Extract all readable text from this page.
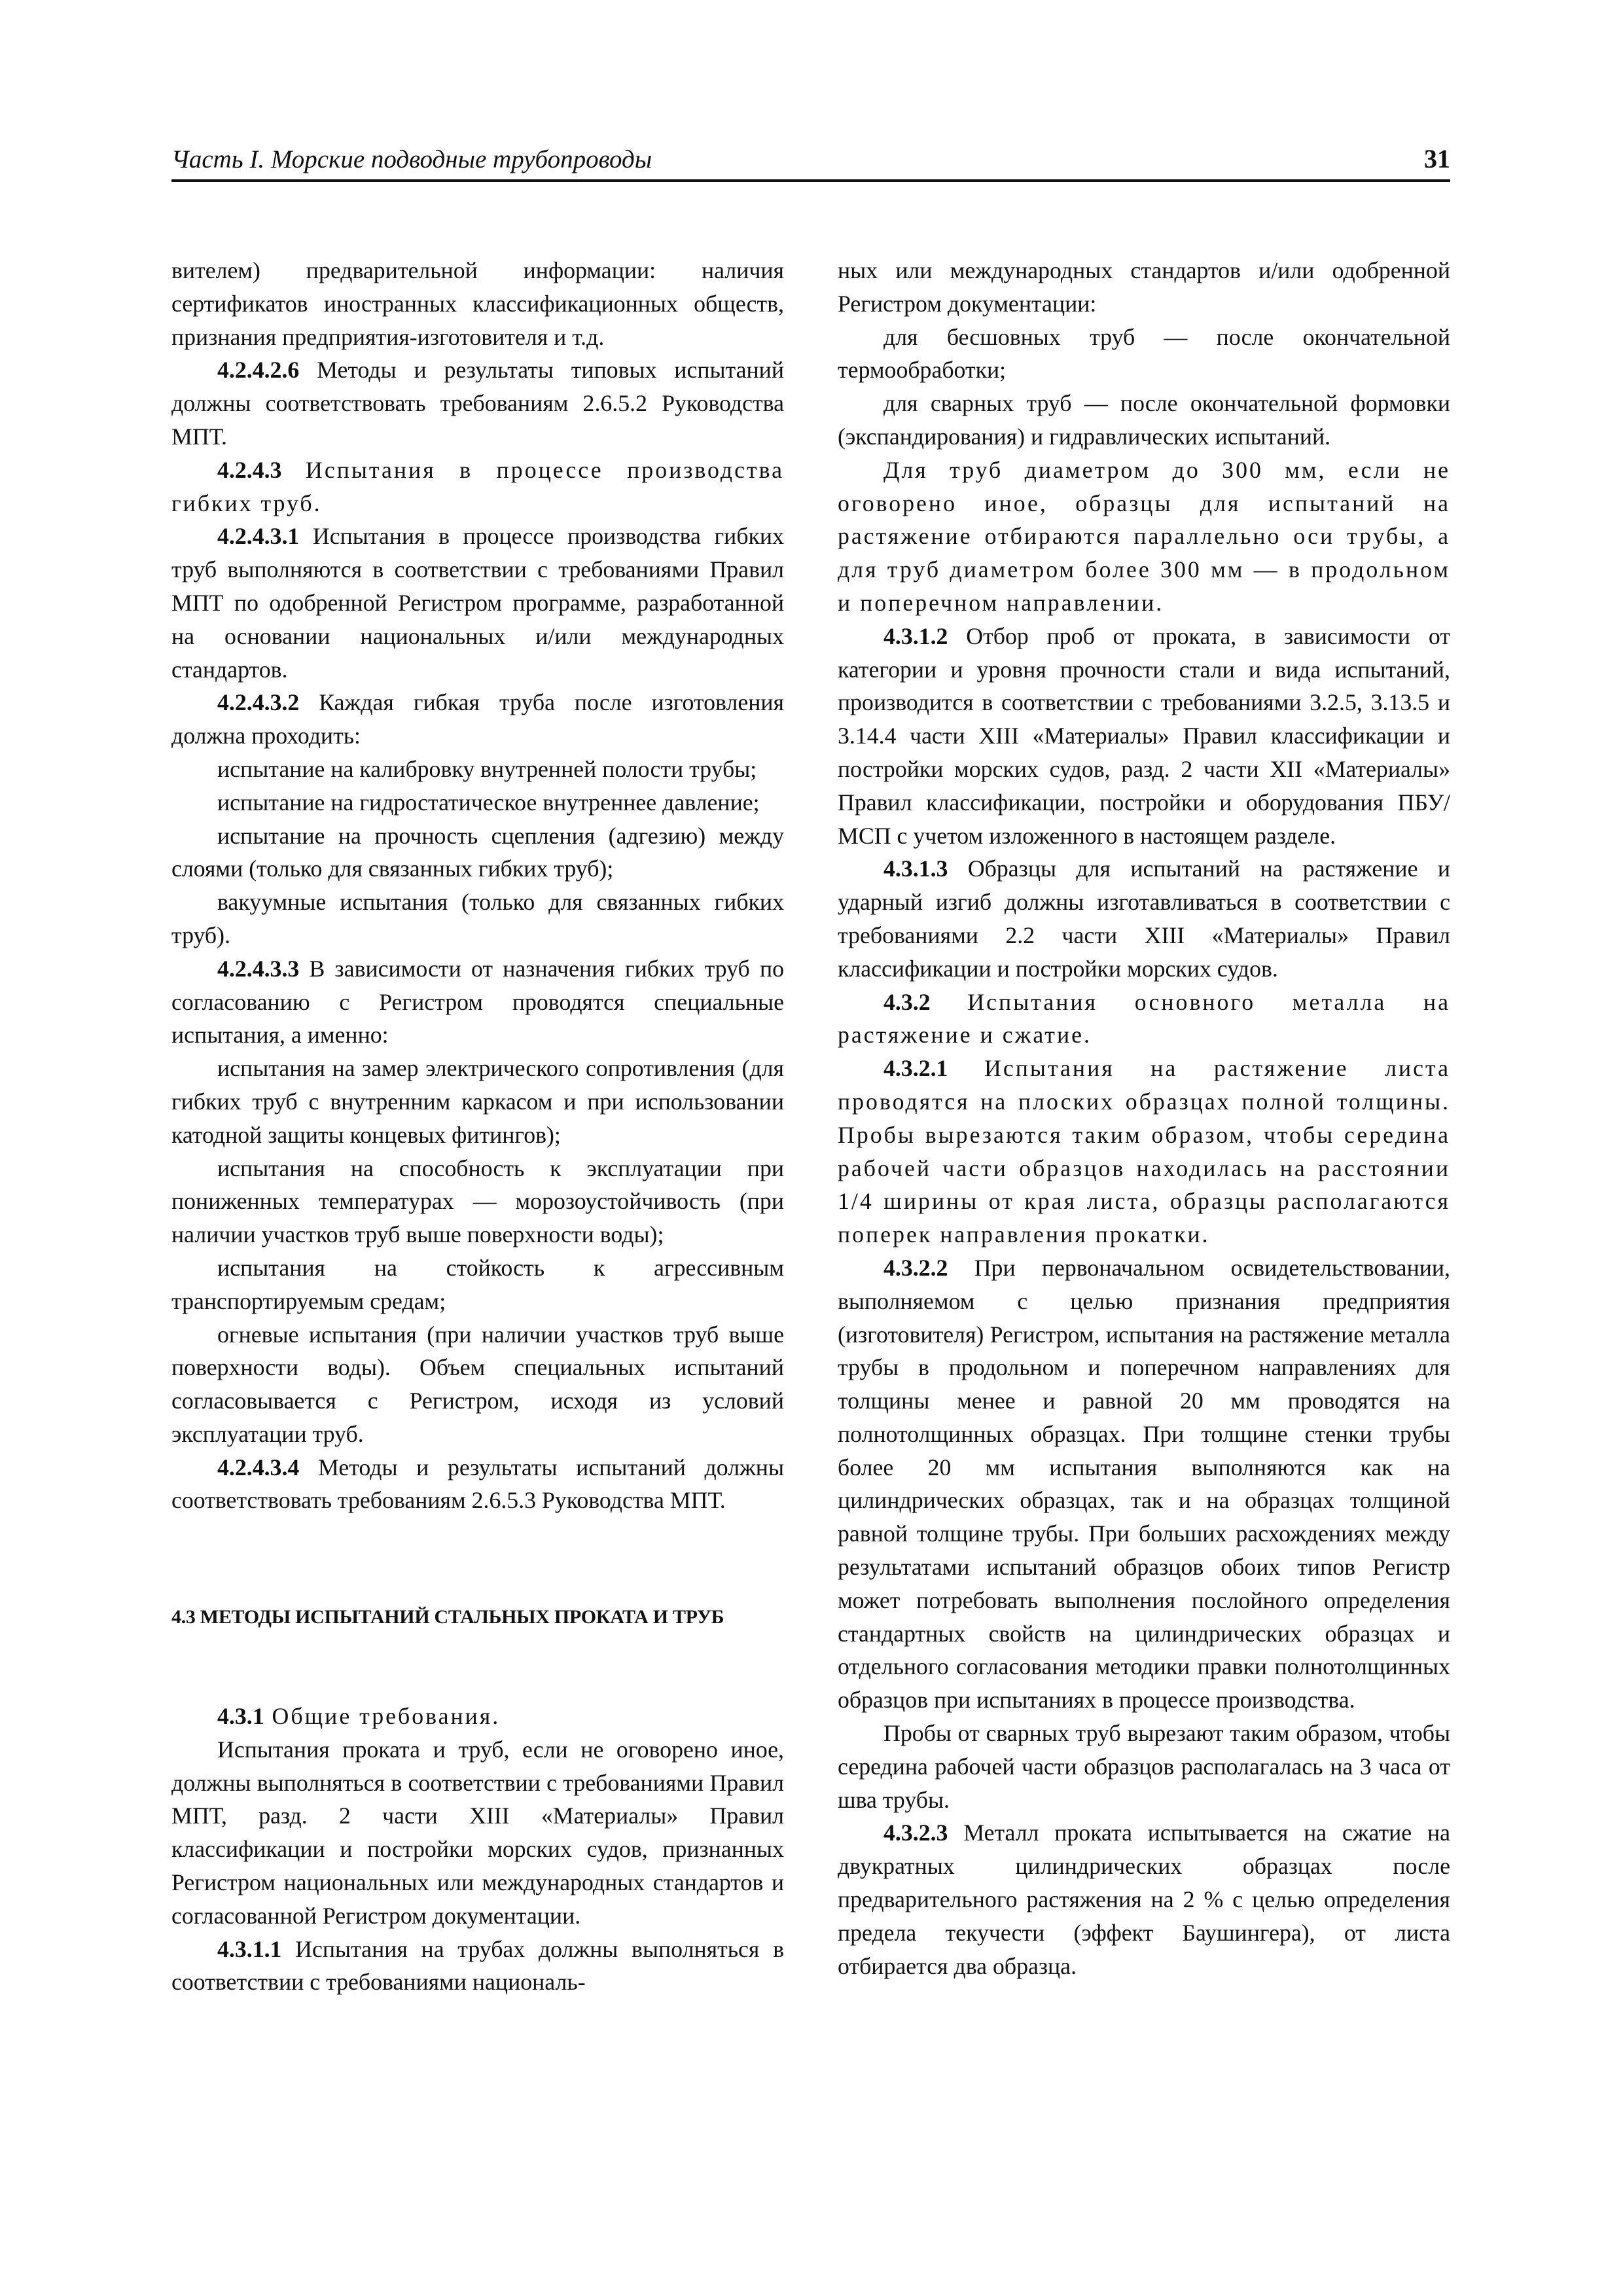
Часть I. Морские подводные трубопроводы	31

вителем) предварительной информации: наличия сертификатов иностранных классификационных обществ, признания предприятия-изготовителя и т.д.

4.2.4.2.6 Методы и результаты типовых испытаний должны соответствовать требованиям 2.6.5.2 Руководства МПТ.

4.2.4.3 Испытания в процессе производства гибких труб.

4.2.4.3.1 Испытания в процессе производства гибких труб выполняются в соответствии с требованиями Правил МПТ по одобренной Регистром программе, разработанной на основании национальных и/или международных стандартов.

4.2.4.3.2 Каждая гибкая труба после изготовления должна проходить:

испытание на калибровку внутренней полости трубы;

испытание на гидростатическое внутреннее давление;

испытание на прочность сцепления (адгезию) между слоями (только для связанных гибких труб);

вакуумные испытания (только для связанных гибких труб).

4.2.4.3.3 В зависимости от назначения гибких труб по согласованию с Регистром проводятся специальные испытания, а именно:

испытания на замер электрического сопротивления (для гибких труб с внутренним каркасом и при использовании катодной защиты концевых фитингов);

испытания на способность к эксплуатации при пониженных температурах — морозоустойчивость (при наличии участков труб выше поверхности воды);

испытания на стойкость к агрессивным транспортируемым средам;

огневые испытания (при наличии участков труб выше поверхности воды). Объем специальных испытаний согласовывается с Регистром, исходя из условий эксплуатации труб.

4.2.4.3.4 Методы и результаты испытаний должны соответствовать требованиям 2.6.5.3 Руководства МПТ.

4.3 МЕТОДЫ ИСПЫТАНИЙ СТАЛЬНЫХ ПРОКАТА И ТРУБ

4.3.1 Общие требования.

Испытания проката и труб, если не оговорено иное, должны выполняться в соответствии с требованиями Правил МПТ, разд. 2 части XIII «Материалы» Правил классификации и постройки морских судов, признанных Регистром национальных или международных стандартов и согласованной Регистром документации.

4.3.1.1 Испытания на трубах должны выполняться в соответствии с требованиями националь-

ных или международных стандартов и/или одобренной Регистром документации:

для бесшовных труб — после окончательной термообработки;

для сварных труб — после окончательной формовки (экспандирования) и гидравлических испытаний.

Для труб диаметром до 300 мм, если не оговорено иное, образцы для испытаний на растяжение отбираются параллельно оси трубы, а для труб диаметром более 300 мм — в продольном и поперечном направлении.

4.3.1.2 Отбор проб от проката, в зависимости от категории и уровня прочности стали и вида испытаний, производится в соответствии с требованиями 3.2.5, 3.13.5 и 3.14.4 части XIII «Материалы» Правил классификации и постройки морских судов, разд. 2 части XII «Материалы» Правил классификации, постройки и оборудования ПБУ/МСП с учетом изложенного в настоящем разделе.

4.3.1.3 Образцы для испытаний на растяжение и ударный изгиб должны изготавливаться в соответствии с требованиями 2.2 части XIII «Материалы» Правил классификации и постройки морских судов.

4.3.2 Испытания основного металла на растяжение и сжатие.

4.3.2.1 Испытания на растяжение листа проводятся на плоских образцах полной толщины. Пробы вырезаются таким образом, чтобы середина рабочей части образцов находилась на расстоянии 1/4 ширины от края листа, образцы располагаются поперек направления прокатки.

4.3.2.2 При первоначальном освидетельствовании, выполняемом с целью признания предприятия (изготовителя) Регистром, испытания на растяжение металла трубы в продольном и поперечном направлениях для толщины менее и равной 20 мм проводятся на полнотолщинных образцах. При толщине стенки трубы более 20 мм испытания выполняются как на цилиндрических образцах, так и на образцах толщиной равной толщине трубы. При больших расхождениях между результатами испытаний образцов обоих типов Регистр может потребовать выполнения послойного определения стандартных свойств на цилиндрических образцах и отдельного согласования методики правки полнотолщинных образцов при испытаниях в процессе производства.

Пробы от сварных труб вырезают таким образом, чтобы середина рабочей части образцов располагалась на 3 часа от шва трубы.

4.3.2.3 Металл проката испытывается на сжатие на двукратных цилиндрических образцах после предварительного растяжения на 2 % с целью определения предела текучести (эффект Баушингера), от листа отбирается два образца.
